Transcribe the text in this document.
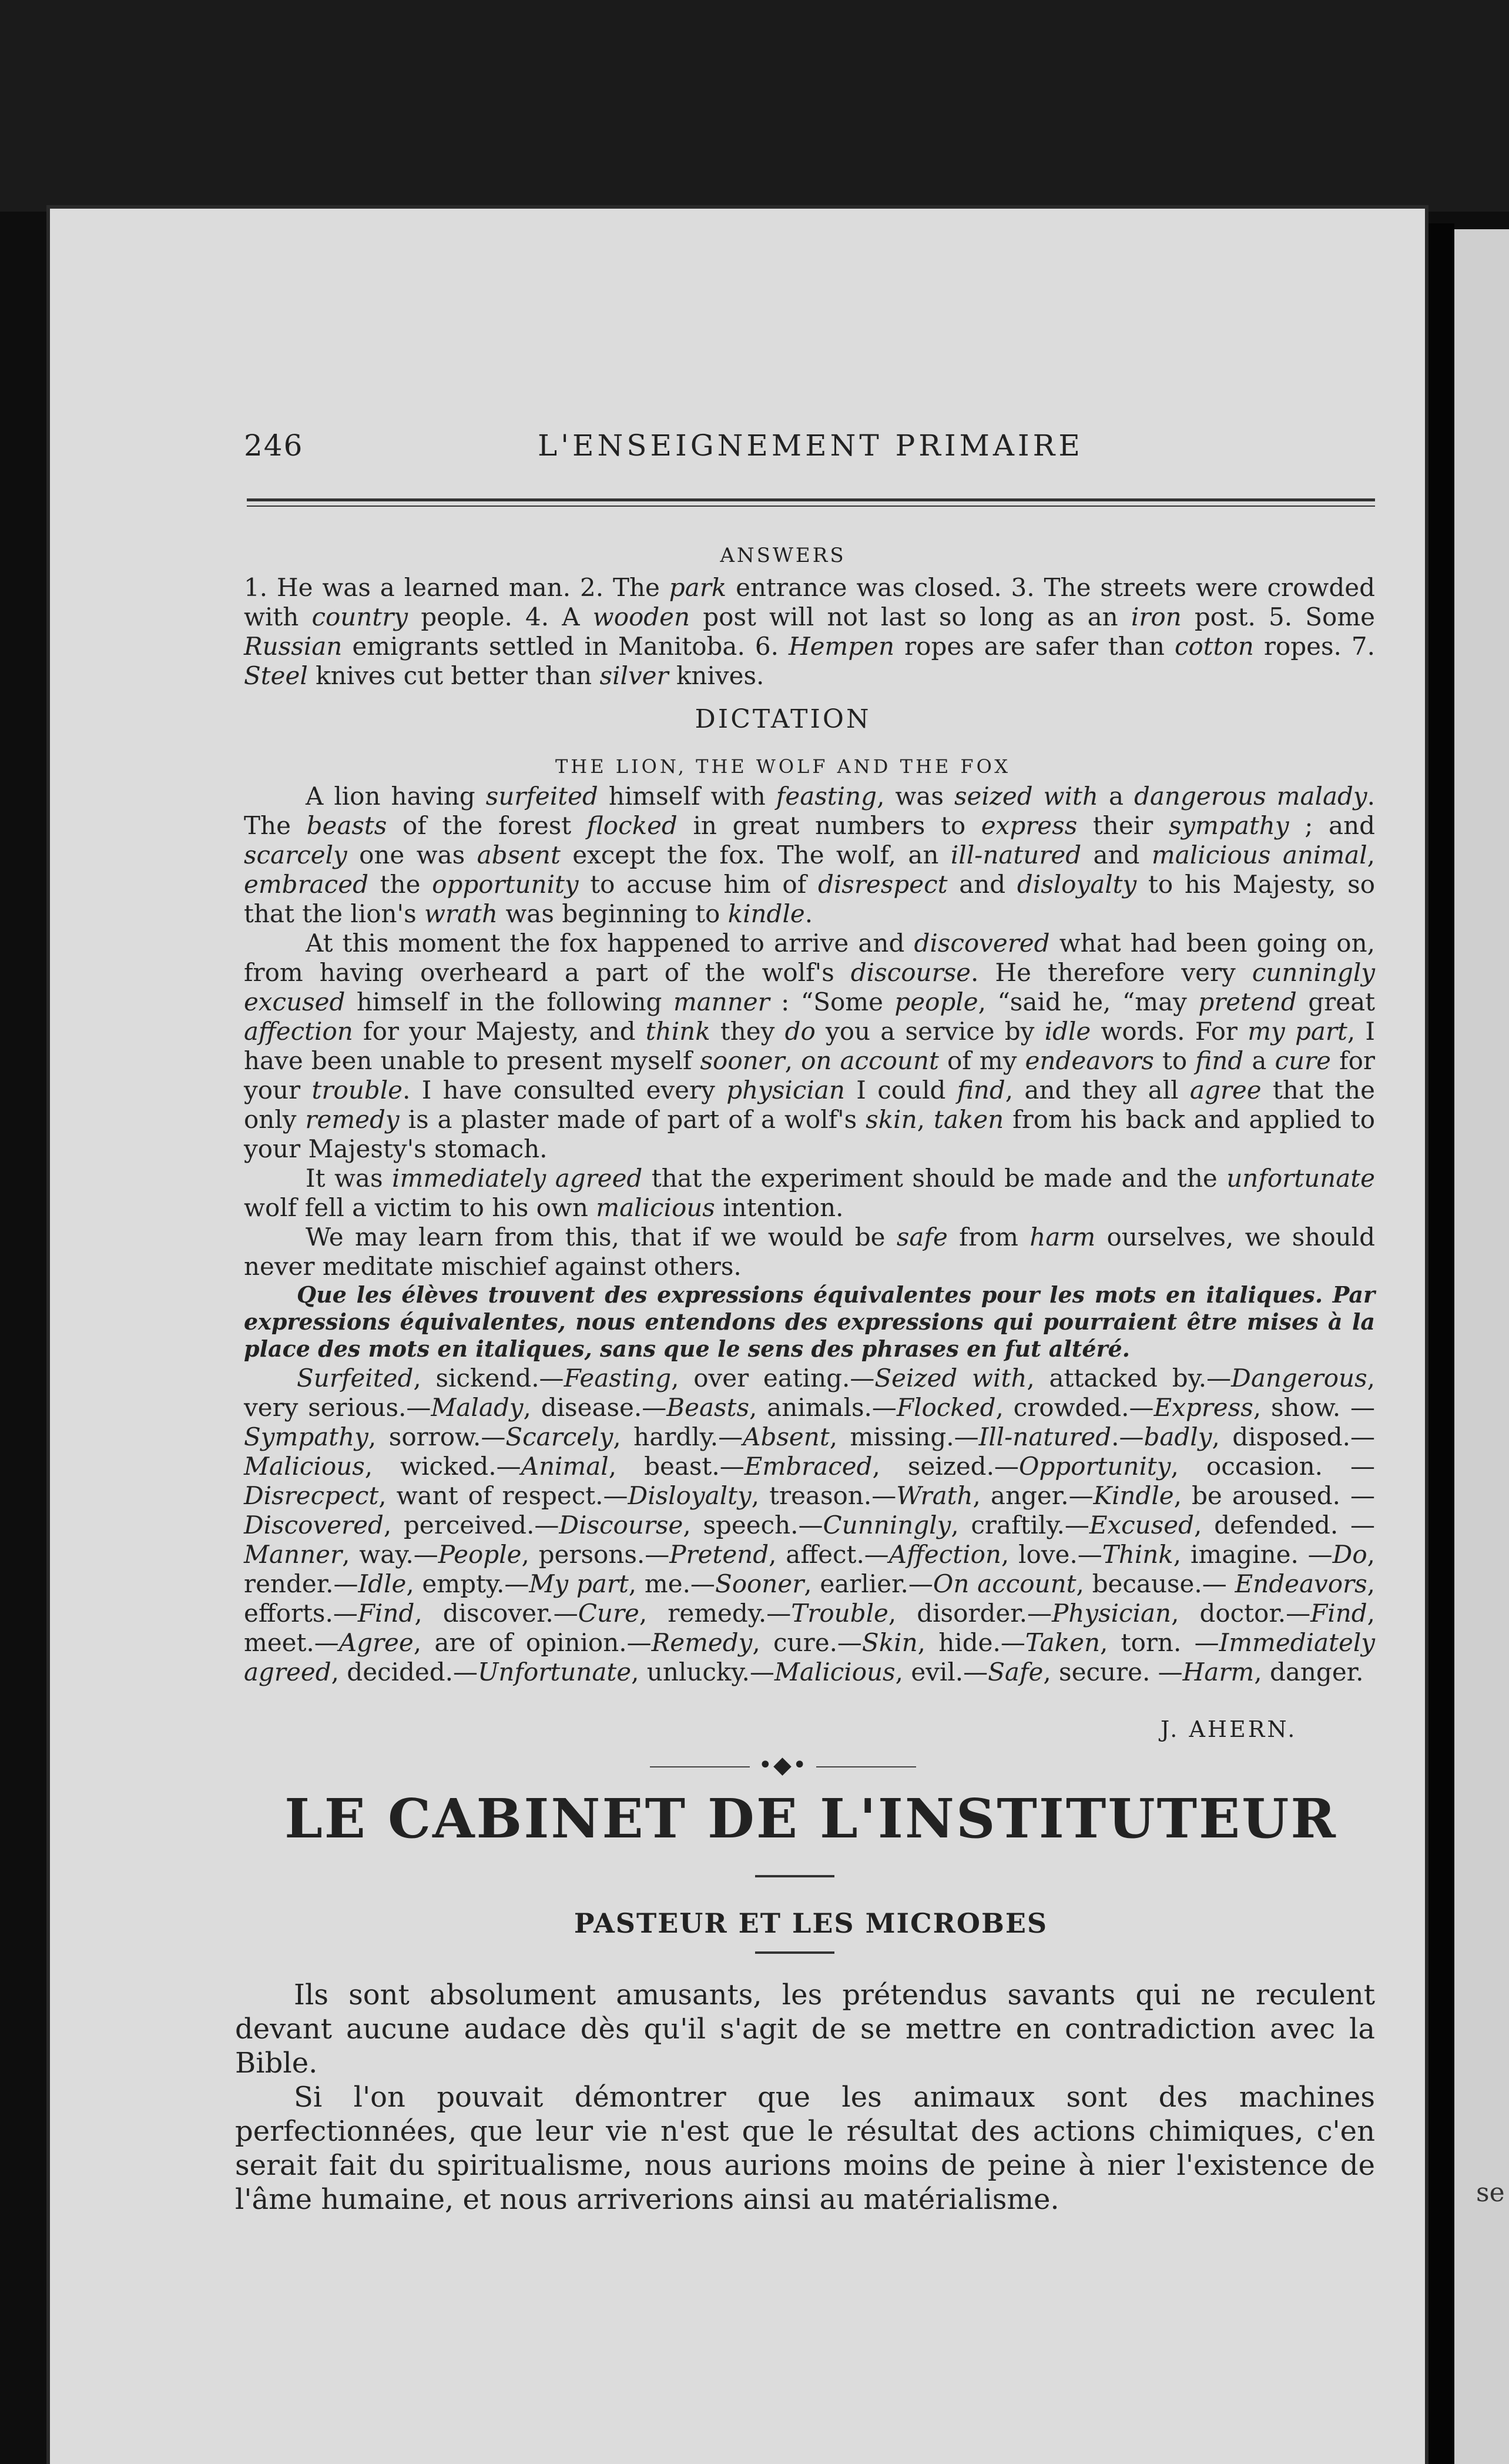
se
246	L'ENSEIGNEMENT PRIMAIRE
ANSWERS
1. He was a learned man. 2. The park entrance was closed. 3. The streets were crowded with country people. 4. A wooden post will not last so long as an iron post. 5. Some Russian emigrants settled in Manitoba. 6. Hempen ropes are safer than cotton ropes. 7. Steel knives cut better than silver knives.
DICTATION
THE LION, THE WOLF AND THE FOX

A lion having surfeited himself with feasting, was seized with a dangerous malady. The beasts of the forest flocked in great numbers to express their sympathy ; and scarcely one was absent except the fox. The wolf, an ill-natured and malicious animal, embraced the opportunity to accuse him of disrespect and disloyalty to his Majesty, so that the lion's wrath was beginning to kindle.

At this moment the fox happened to arrive and discovered what had been going on, from having overheard a part of the wolf's discourse. He therefore very cunningly excused himself in the following manner : “Some people, “said he, “may pretend great affection for your Majesty, and think they do you a service by idle words. For my part, I have been unable to present myself sooner, on account of my endeavors to find a cure for your trouble. I have consulted every physician I could find, and they all agree that the only remedy is a plaster made of part of a wolf's skin, taken from his back and applied to your Majesty's stomach.

It was immediately agreed that the experiment should be made and the unfortunate wolf fell a victim to his own malicious intention.

We may learn from this, that if we would be safe from harm ourselves, we should never meditate mischief against others.

Que les élèves trouvent des expressions équivalentes pour les mots en italiques. Par expressions équivalentes, nous entendons des expressions qui pourraient être mises à la place des mots en italiques, sans que le sens des phrases en fut altéré.

Surfeited, sickend.—Feasting, over eating.—Seized with, attacked by.—Dangerous, very serious.—Malady, disease.—Beasts, animals.—Flocked, crowded.—Express, show. —Sympathy, sorrow.—Scarcely, hardly.—Absent, missing.—Ill-natured.—badly, disposed.—Malicious, wicked.—Animal, beast.—Embraced, seized.—Opportunity, occasion. —Disrecpect, want of respect.—Disloyalty, treason.—Wrath, anger.—Kindle, be aroused. —Discovered, perceived.—Discourse, speech.—Cunningly, craftily.—Excused, defended. —Manner, way.—People, persons.—Pretend, affect.—Affection, love.—Think, imagine. —Do, render.—Idle, empty.—My part, me.—Sooner, earlier.—On account, because.— Endeavors, efforts.—Find, discover.—Cure, remedy.—Trouble, disorder.—Physician, doctor.—Find, meet.—Agree, are of opinion.—Remedy, cure.—Skin, hide.—Taken, torn. —Immediately agreed, decided.—Unfortunate, unlucky.—Malicious, evil.—Safe, secure. —Harm, danger.

J. AHERN.
•◆•
LE CABINET DE L'INSTITUTEUR
PASTEUR ET LES MICROBES

Ils sont absolument amusants, les prétendus savants qui ne reculent devant aucune audace dès qu'il s'agit de se mettre en contradiction avec la Bible.

Si l'on pouvait démontrer que les animaux sont des machines perfectionnées, que leur vie n'est que le résultat des actions chimiques, c'en serait fait du spiritualisme, nous aurions moins de peine à nier l'existence de l'âme humaine, et nous arriverions ainsi au matérialisme.
